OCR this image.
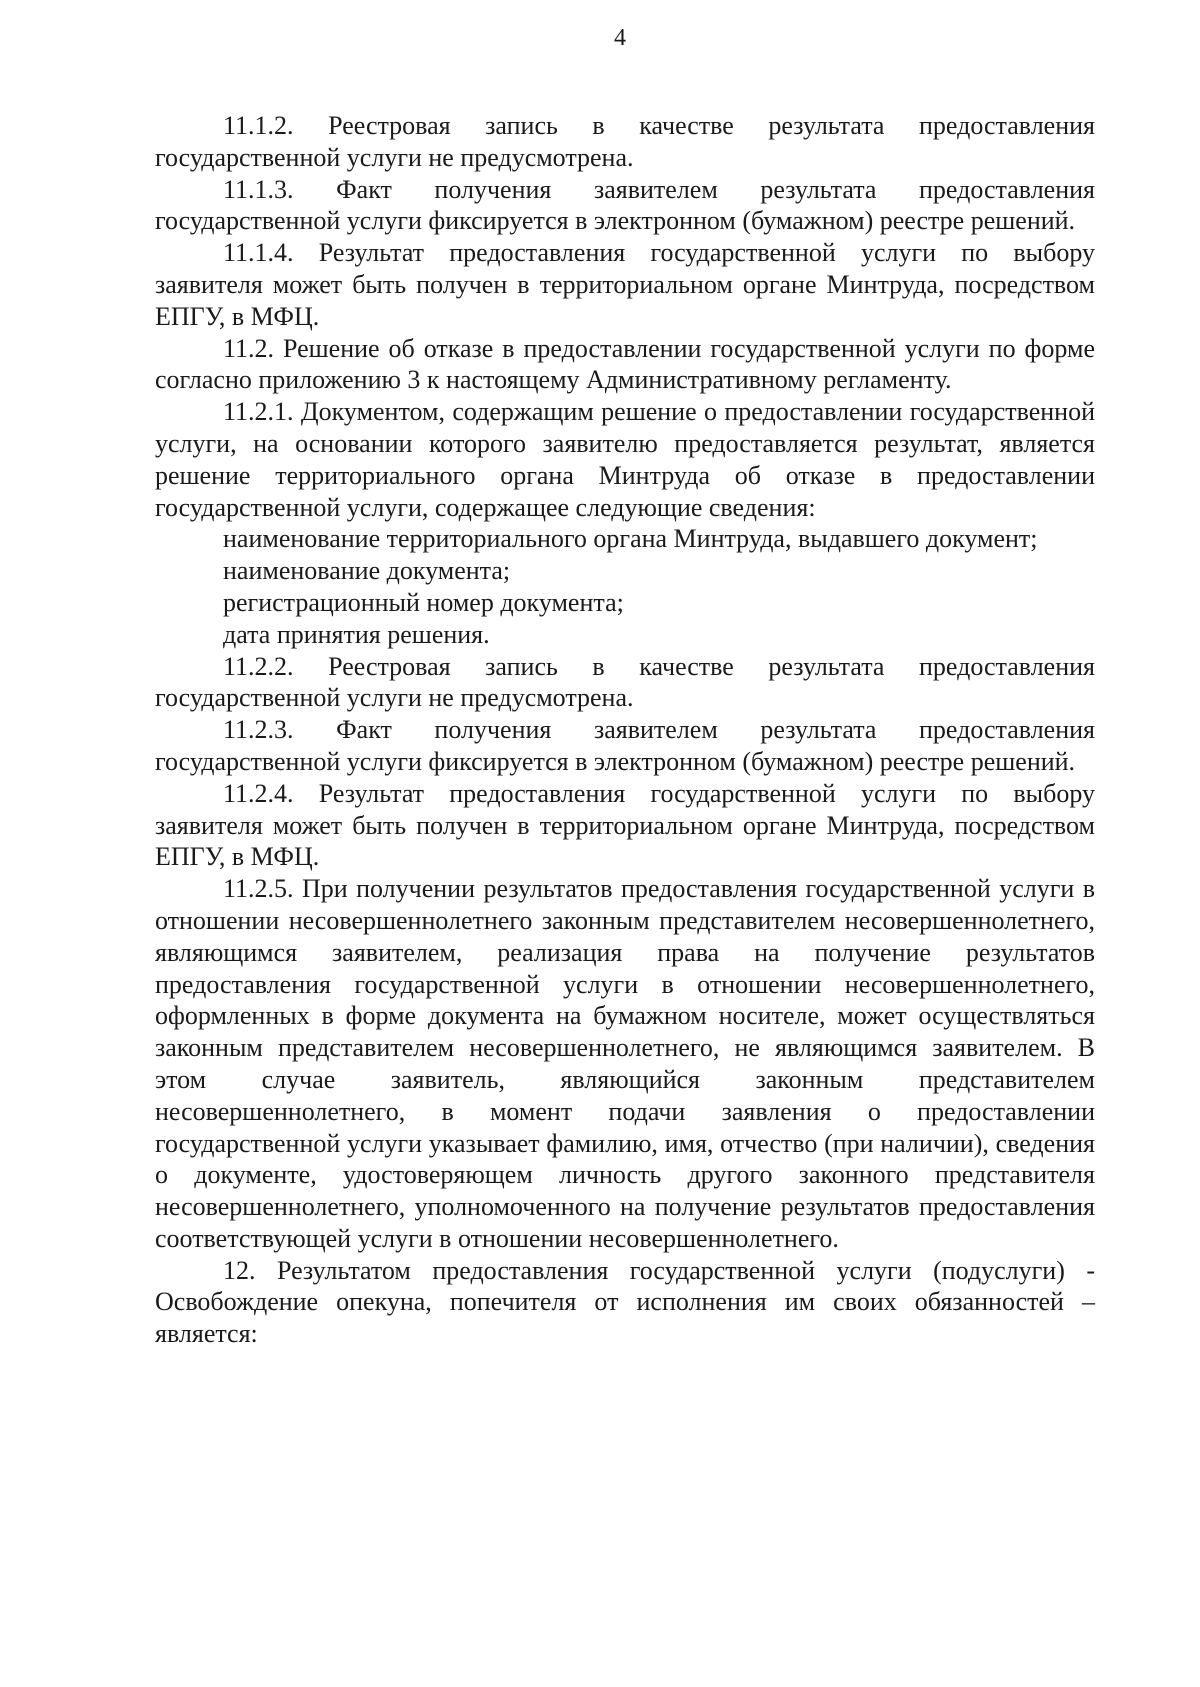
4

11.1.2. Реестровая запись в качестве результата предоставления государственной услуги не предусмотрена.

11.1.3. Факт получения заявителем результата предоставления государственной услуги фиксируется в электронном (бумажном) реестре решений.

11.1.4. Результат предоставления государственной услуги по выбору заявителя может быть получен в территориальном органе Минтруда, посредством ЕПГУ, в МФЦ.

11.2. Решение об отказе в предоставлении государственной услуги по форме согласно приложению 3 к настоящему Административному регламенту.

11.2.1. Документом, содержащим решение о предоставлении государственной услуги, на основании которого заявителю предоставляется результат, является решение территориального органа Минтруда об отказе в предоставлении государственной услуги, содержащее следующие сведения:

наименование территориального органа Минтруда, выдавшего документ;

наименование документа;

регистрационный номер документа;

дата принятия решения.

11.2.2. Реестровая запись в качестве результата предоставления государственной услуги не предусмотрена.

11.2.3. Факт получения заявителем результата предоставления государственной услуги фиксируется в электронном (бумажном) реестре решений.

11.2.4. Результат предоставления государственной услуги по выбору заявителя может быть получен в территориальном органе Минтруда, посредством ЕПГУ, в МФЦ.

11.2.5. При получении результатов предоставления государственной услуги в отношении несовершеннолетнего законным представителем несовершеннолетнего, являющимся заявителем, реализация права на получение результатов предоставления государственной услуги в отношении несовершеннолетнего, оформленных в форме документа на бумажном носителе, может осуществляться законным представителем несовершеннолетнего, не являющимся заявителем. В этом случае заявитель, являющийся законным представителем несовершеннолетнего, в момент подачи заявления о предоставлении государственной услуги указывает фамилию, имя, отчество (при наличии), сведения о документе, удостоверяющем личность другого законного представителя несовершеннолетнего, уполномоченного на получение результатов предоставления соответствующей услуги в отношении несовершеннолетнего.

12. Результатом предоставления государственной услуги (подуслуги) - Освобождение опекуна, попечителя от исполнения им своих обязанностей – является:
